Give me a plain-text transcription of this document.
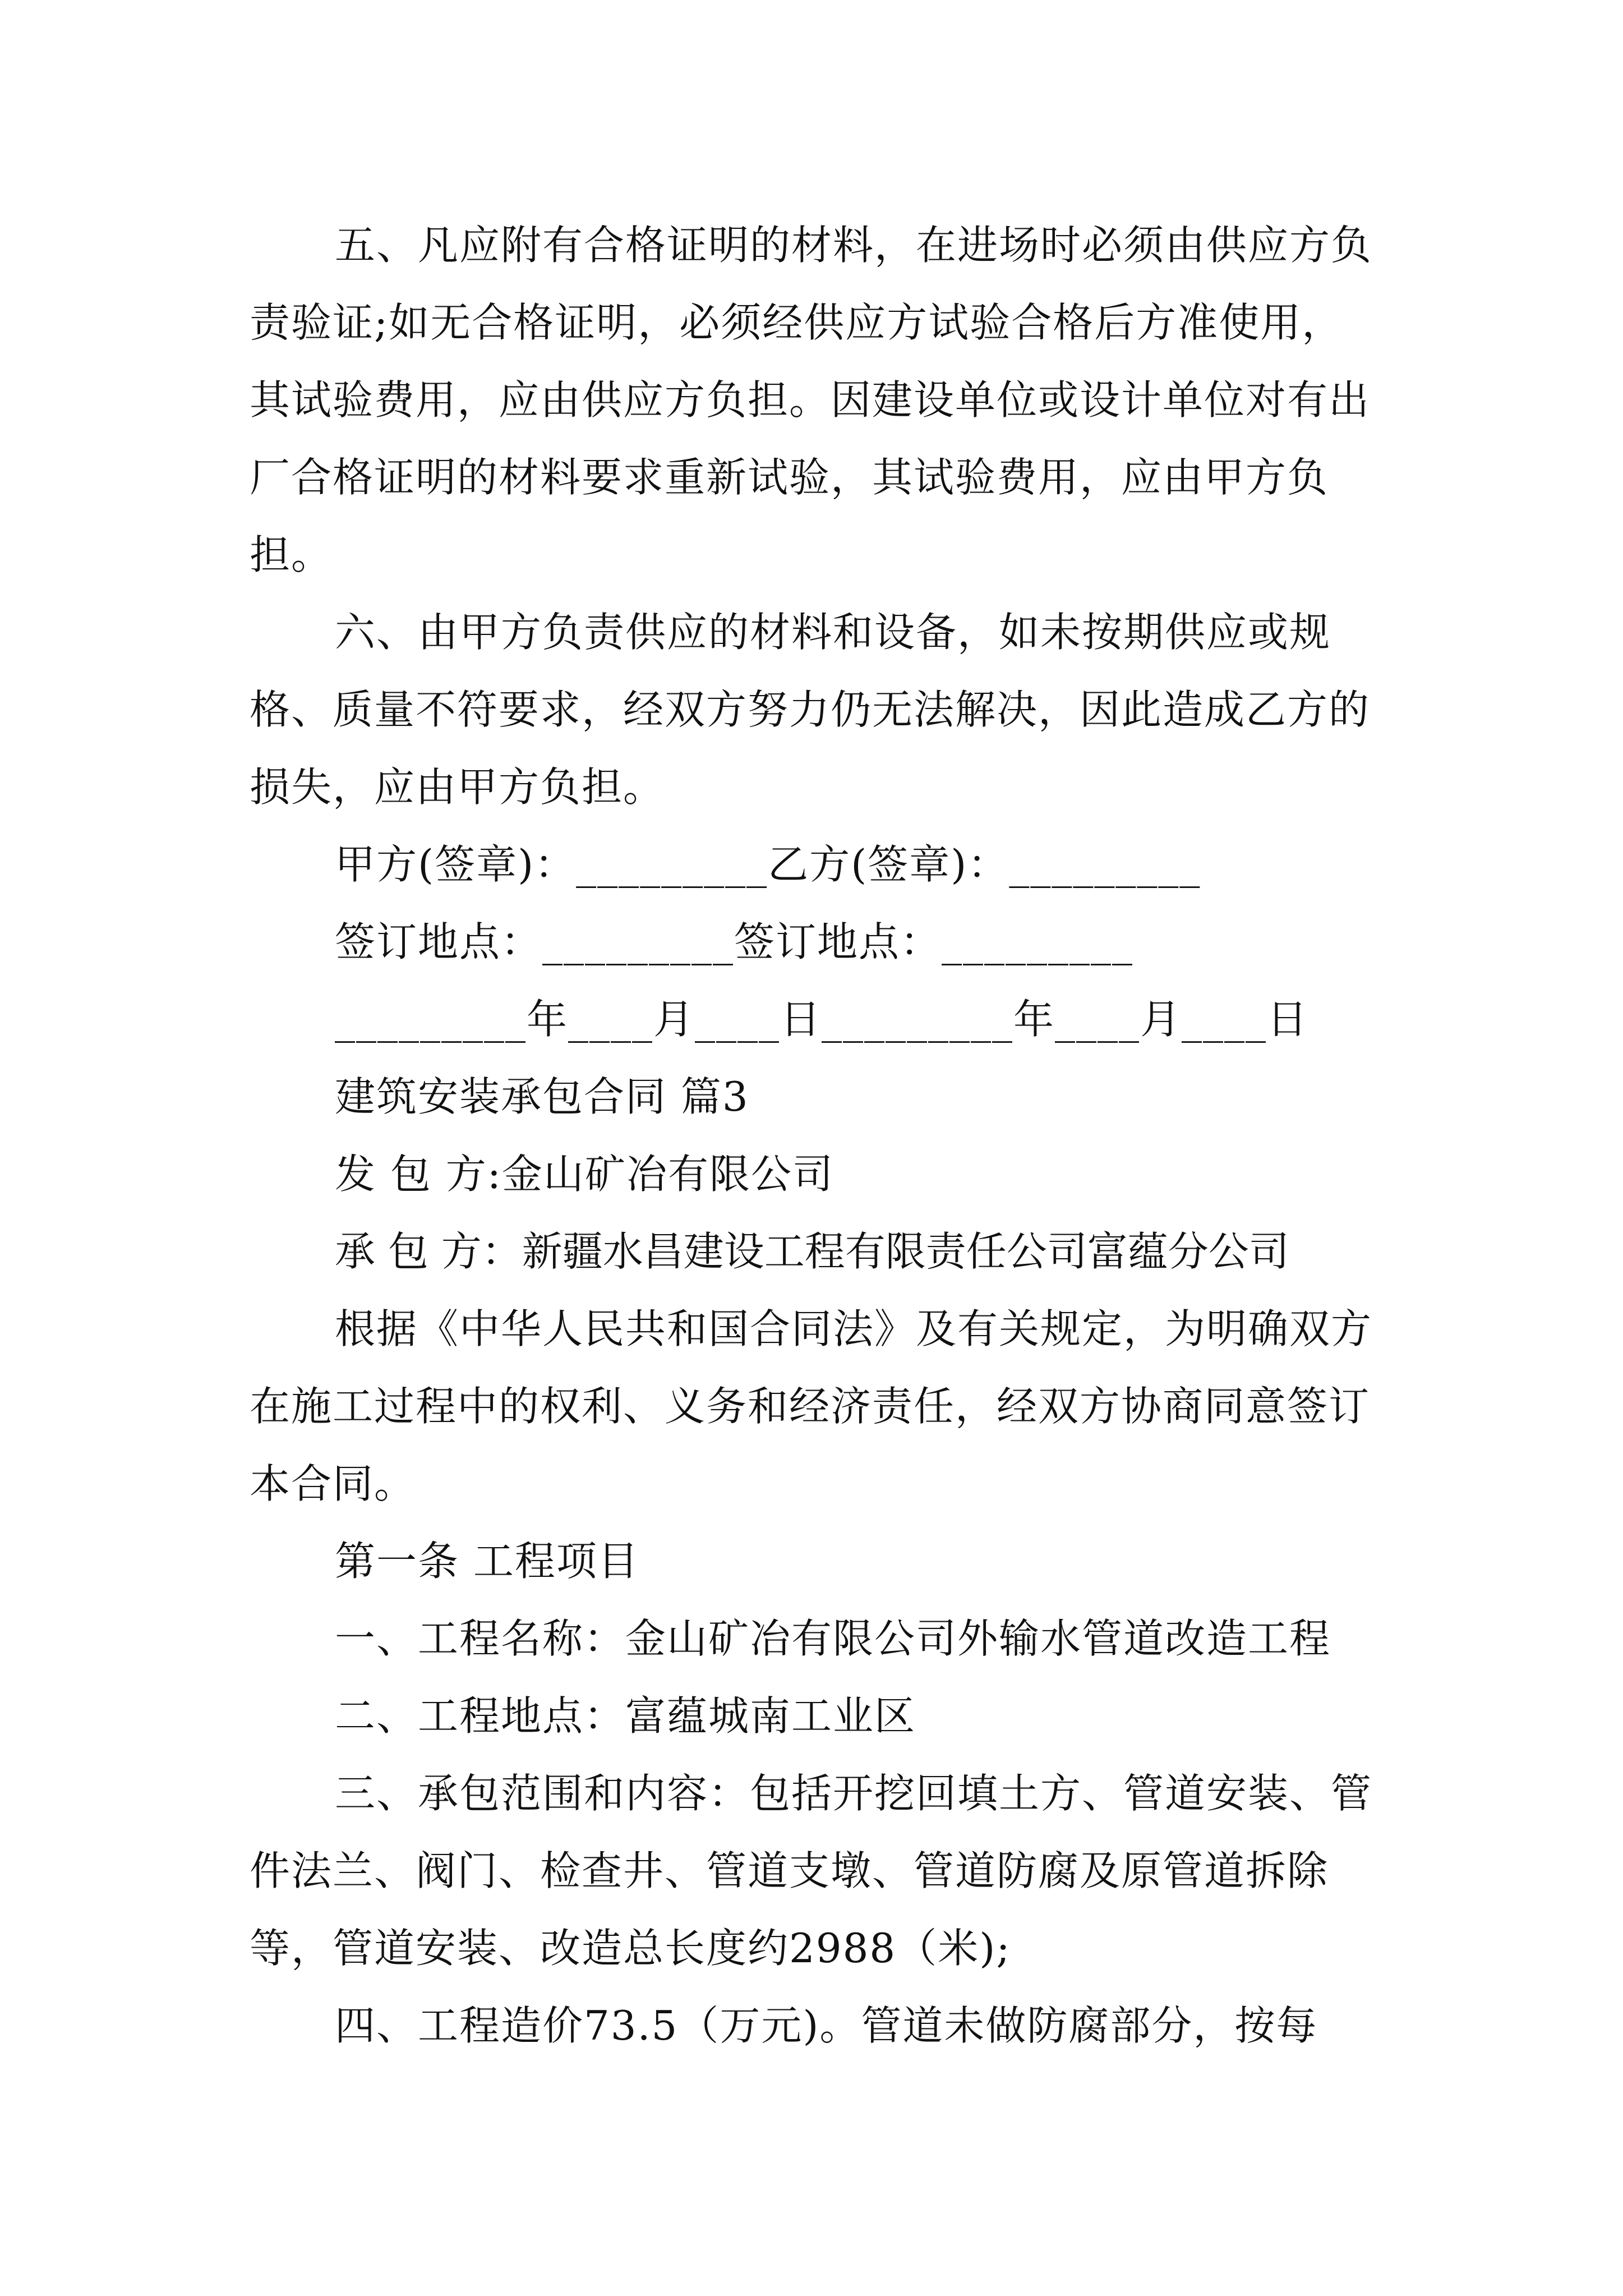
五、凡应附有合格证明的材料，在进场时必须由供应方负责验证;如无合格证明，必须经供应方试验合格后方准使用，其试验费用，应由供应方负担。因建设单位或设计单位对有出厂合格证明的材料要求重新试验，其试验费用，应由甲方负担。

六、由甲方负责供应的材料和设备，如未按期供应或规格、质量不符要求，经双方努力仍无法解决，因此造成乙方的损失，应由甲方负担。

甲方(签章)：_________乙方(签章)：_________

签订地点：_________签订地点：_________

_________年____月____日_________年____月____日

建筑安装承包合同 篇3

发 包 方:金山矿冶有限公司

承 包 方：新疆水昌建设工程有限责任公司富蕴分公司

根据《中华人民共和国合同法》及有关规定，为明确双方在施工过程中的权利、义务和经济责任，经双方协商同意签订本合同。

第一条 工程项目

一、工程名称：金山矿冶有限公司外输水管道改造工程

二、工程地点：富蕴城南工业区

三、承包范围和内容：包括开挖回填土方、管道安装、管件法兰、阀门、检查井、管道支墩、管道防腐及原管道拆除等，管道安装、改造总长度约2988（米);

四、工程造价73.5（万元)。管道未做防腐部分，按每
